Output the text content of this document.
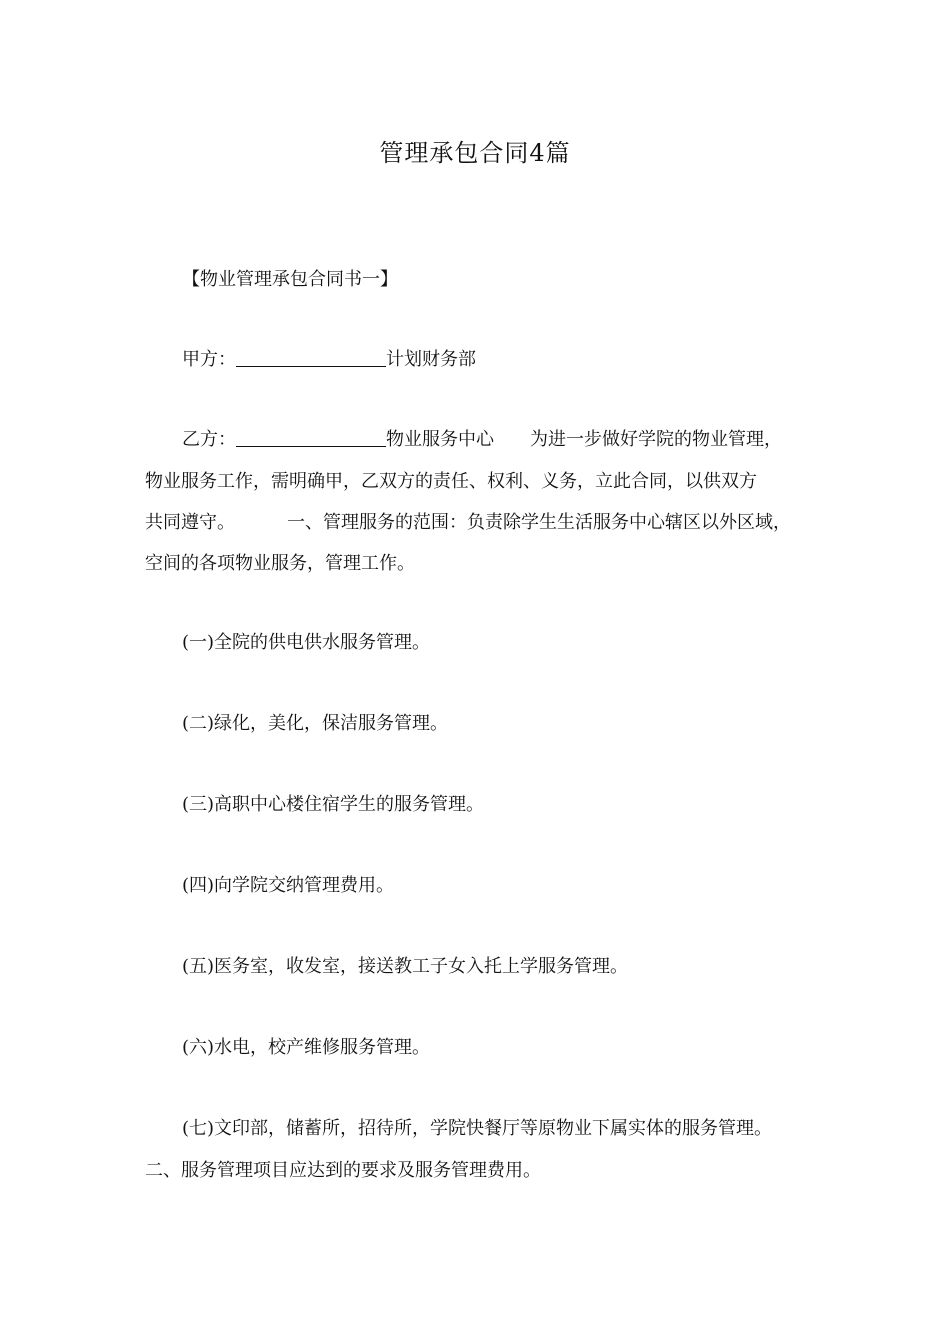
管理承包合同4篇
【物业管理承包合同书一】
甲方：	计划财务部
乙方：	物业服务中心 为进一步做好学院的物业管理，
物业服务工作，需明确甲，乙双方的责任、权利、义务，立此合同，以供双方
共同遵守。	一、管理服务的范围：负责除学生生活服务中心辖区以外区域，
空间的各项物业服务，管理工作。
(一)全院的供电供水服务管理。
(二)绿化，美化，保洁服务管理。
(三)高职中心楼住宿学生的服务管理。
(四)向学院交纳管理费用。
(五)医务室，收发室，接送教工子女入托上学服务管理。
(六)水电，校产维修服务管理。
(七)文印部，储蓄所，招待所，学院快餐厅等原物业下属实体的服务管理。
二、服务管理项目应达到的要求及服务管理费用。
